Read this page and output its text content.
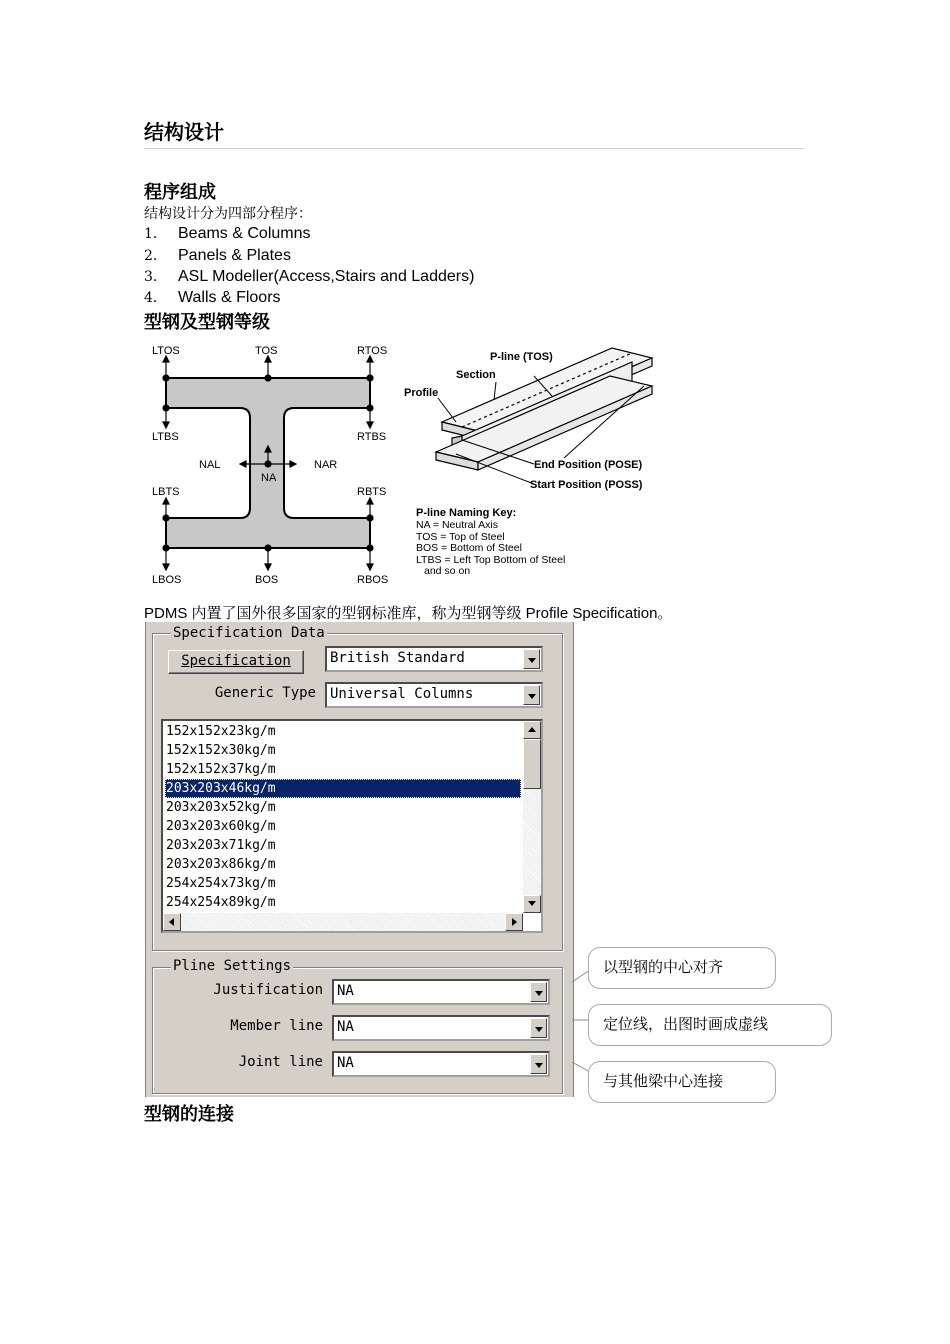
结构设计
程序组成
结构设计分为四部分程序：
1． Beams & Columns
2． Panels & Plates
3． ASL Modeller(Access,Stairs and Ladders)
4． Walls & Floors
型钢及型钢等级
LTOS	TOS	RTOS
LTBS	RTBS
NAL
NA
NAR
LBTS	RBTS
LBOS	BOS	RBOS
P-line (TOS)
Section
Profile
End Position (POSE)
Start Position (POSS)
P-line Naming Key:
NA = Neutral Axis
TOS = Top of Steel
BOS = Bottom of Steel
LTBS = Left Top Bottom of Steel
and so on
PDMS 内置了国外很多国家的型钢标准库，称为型钢等级 Profile Specification。
Specification Data
Specification	British Standard
Generic Type	Universal Columns
152x152x23kg/m
152x152x30kg/m
152x152x37kg/m
203x203x46kg/m
203x203x52kg/m
203x203x60kg/m
203x203x71kg/m
203x203x86kg/m
254x254x73kg/m
254x254x89kg/m
Pline Settings
Justification	NA
Member line	NA
Joint line	NA
以型钢的中心对齐
定位线，出图时画成虚线
与其他梁中心连接
型钢的连接
